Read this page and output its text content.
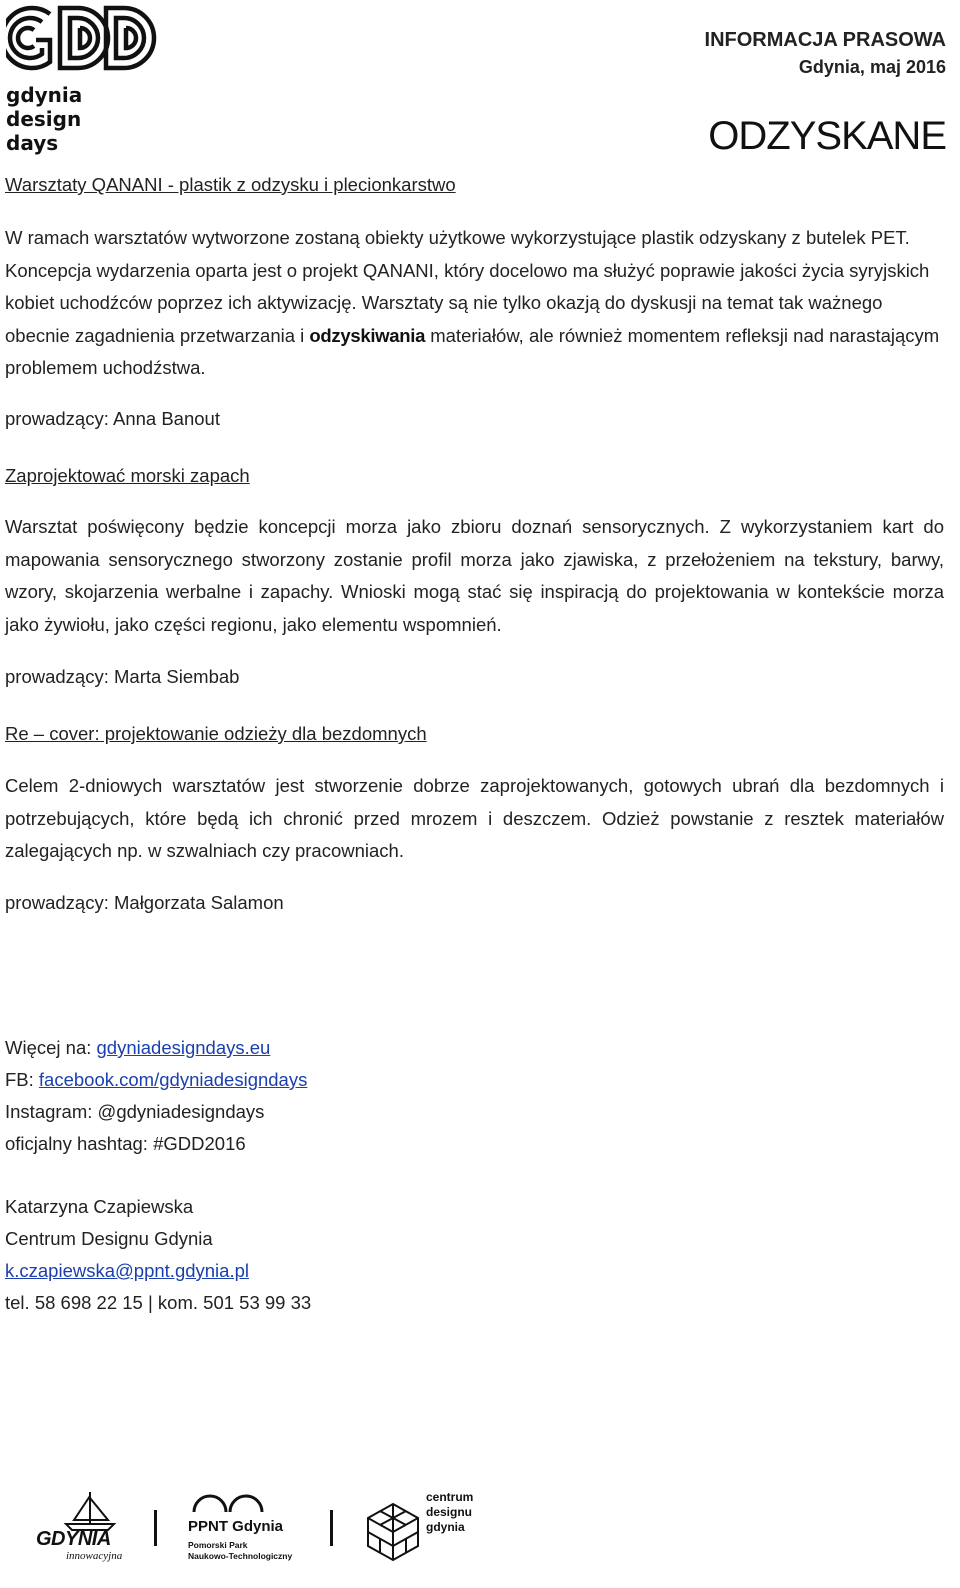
gdynia
design
days
INFORMACJA PRASOWA
Gdynia, maj 2016
ODZYSKANE
Warsztaty QANANI - plastik z odzysku i plecionkarstwo
W ramach warsztatów wytworzone zostaną obiekty użytkowe wykorzystujące plastik odzyskany z butelek PET. Koncepcja wydarzenia oparta jest o projekt QANANI, który docelowo ma służyć poprawie jakości życia syryjskich kobiet uchodźców poprzez ich aktywizację. Warsztaty są nie tylko okazją do dyskusji na temat tak ważnego obecnie zagadnienia przetwarzania i odzyskiwania materiałów, ale również momentem refleksji nad narastającym problemem uchodźstwa.
prowadzący: Anna Banout
Zaprojektować morski zapach
Warsztat poświęcony będzie koncepcji morza jako zbioru doznań sensorycznych. Z wykorzystaniem kart do mapowania sensorycznego stworzony zostanie profil morza jako zjawiska, z przełożeniem na tekstury, barwy, wzory, skojarzenia werbalne i zapachy. Wnioski mogą stać się inspiracją do projektowania w kontekście morza jako żywiołu, jako części regionu, jako elementu wspomnień.
prowadzący: Marta Siembab
Re – cover: projektowanie odzieży dla bezdomnych
Celem 2-dniowych warsztatów jest stworzenie dobrze zaprojektowanych, gotowych ubrań dla bezdomnych i potrzebujących, które będą ich chronić przed mrozem i deszczem. Odzież powstanie z resztek materiałów zalegających np. w szwalniach czy pracowniach.
prowadzący: Małgorzata Salamon
Więcej na: gdyniadesigndays.eu
FB: facebook.com/gdyniadesigndays
Instagram: @gdyniadesigndays
oficjalny hashtag: #GDD2016
Katarzyna Czapiewska
Centrum Designu Gdynia
k.czapiewska@ppnt.gdynia.pl
tel. 58 698 22 15 | kom. 501 53 99 33
GDYNIA
innowacyjna
PPNT Gdynia
Pomorski Park
Naukowo-Technologiczny
centrum
designu
gdynia
